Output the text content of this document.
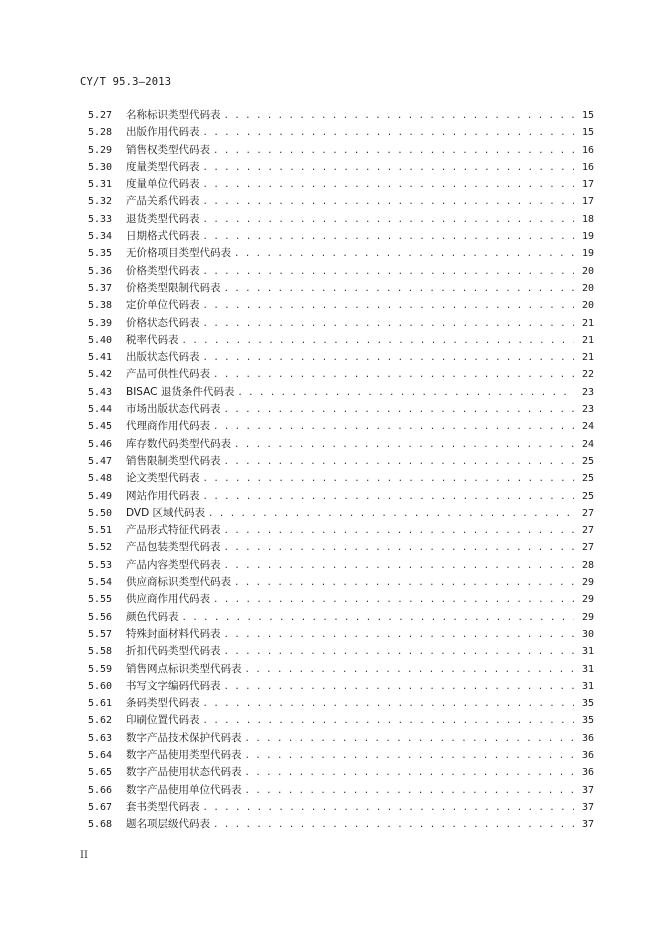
CY/T 95.3—2013
5.27	名称标识类型代码表 . . .	15
5.28	出版作用代码表 . . .	15
5.29	销售权类型代码表 . . .	16
5.30	度量类型代码表 . . .	16
5.31	度量单位代码表 . . .	17
5.32	产品关系代码表 . . .	17
5.33	退货类型代码表 . . .	18
5.34	日期格式代码表 . . .	19
5.35	无价格项目类型代码表 . . .	19
5.36	价格类型代码表 . . .	20
5.37	价格类型限制代码表 . . .	20
5.38	定价单位代码表 . . .	20
5.39	价格状态代码表 . . .	21
5.40	税率代码表 . . .	21
5.41	出版状态代码表 . . .	21
5.42	产品可供性代码表 . . .	22
5.43	BISAC 退货条件代码表 . . .	23
5.44	市场出版状态代码表 . . .	23
5.45	代理商作用代码表 . . .	24
5.46	库存数代码类型代码表 . . .	24
5.47	销售限制类型代码表 . . .	25
5.48	论文类型代码表 . . .	25
5.49	网站作用代码表 . . .	25
5.50	DVD 区域代码表 . . .	27
5.51	产品形式特征代码表 . . .	27
5.52	产品包装类型代码表 . . .	27
5.53	产品内容类型代码表 . . .	28
5.54	供应商标识类型代码表 . . .	29
5.55	供应商作用代码表 . . .	29
5.56	颜色代码表 . . .	29
5.57	特殊封面材料代码表 . . .	30
5.58	折扣代码类型代码表 . . .	31
5.59	销售网点标识类型代码表 . . .	31
5.60	书写文字编码代码表 . . .	31
5.61	条码类型代码表 . . .	35
5.62	印刷位置代码表 . . .	35
5.63	数字产品技术保护代码表 . . .	36
5.64	数字产品使用类型代码表 . . .	36
5.65	数字产品使用状态代码表 . . .	36
5.66	数字产品使用单位代码表 . . .	37
5.67	套书类型代码表 . . .	37
5.68	题名项层级代码表 . . .	37
II
